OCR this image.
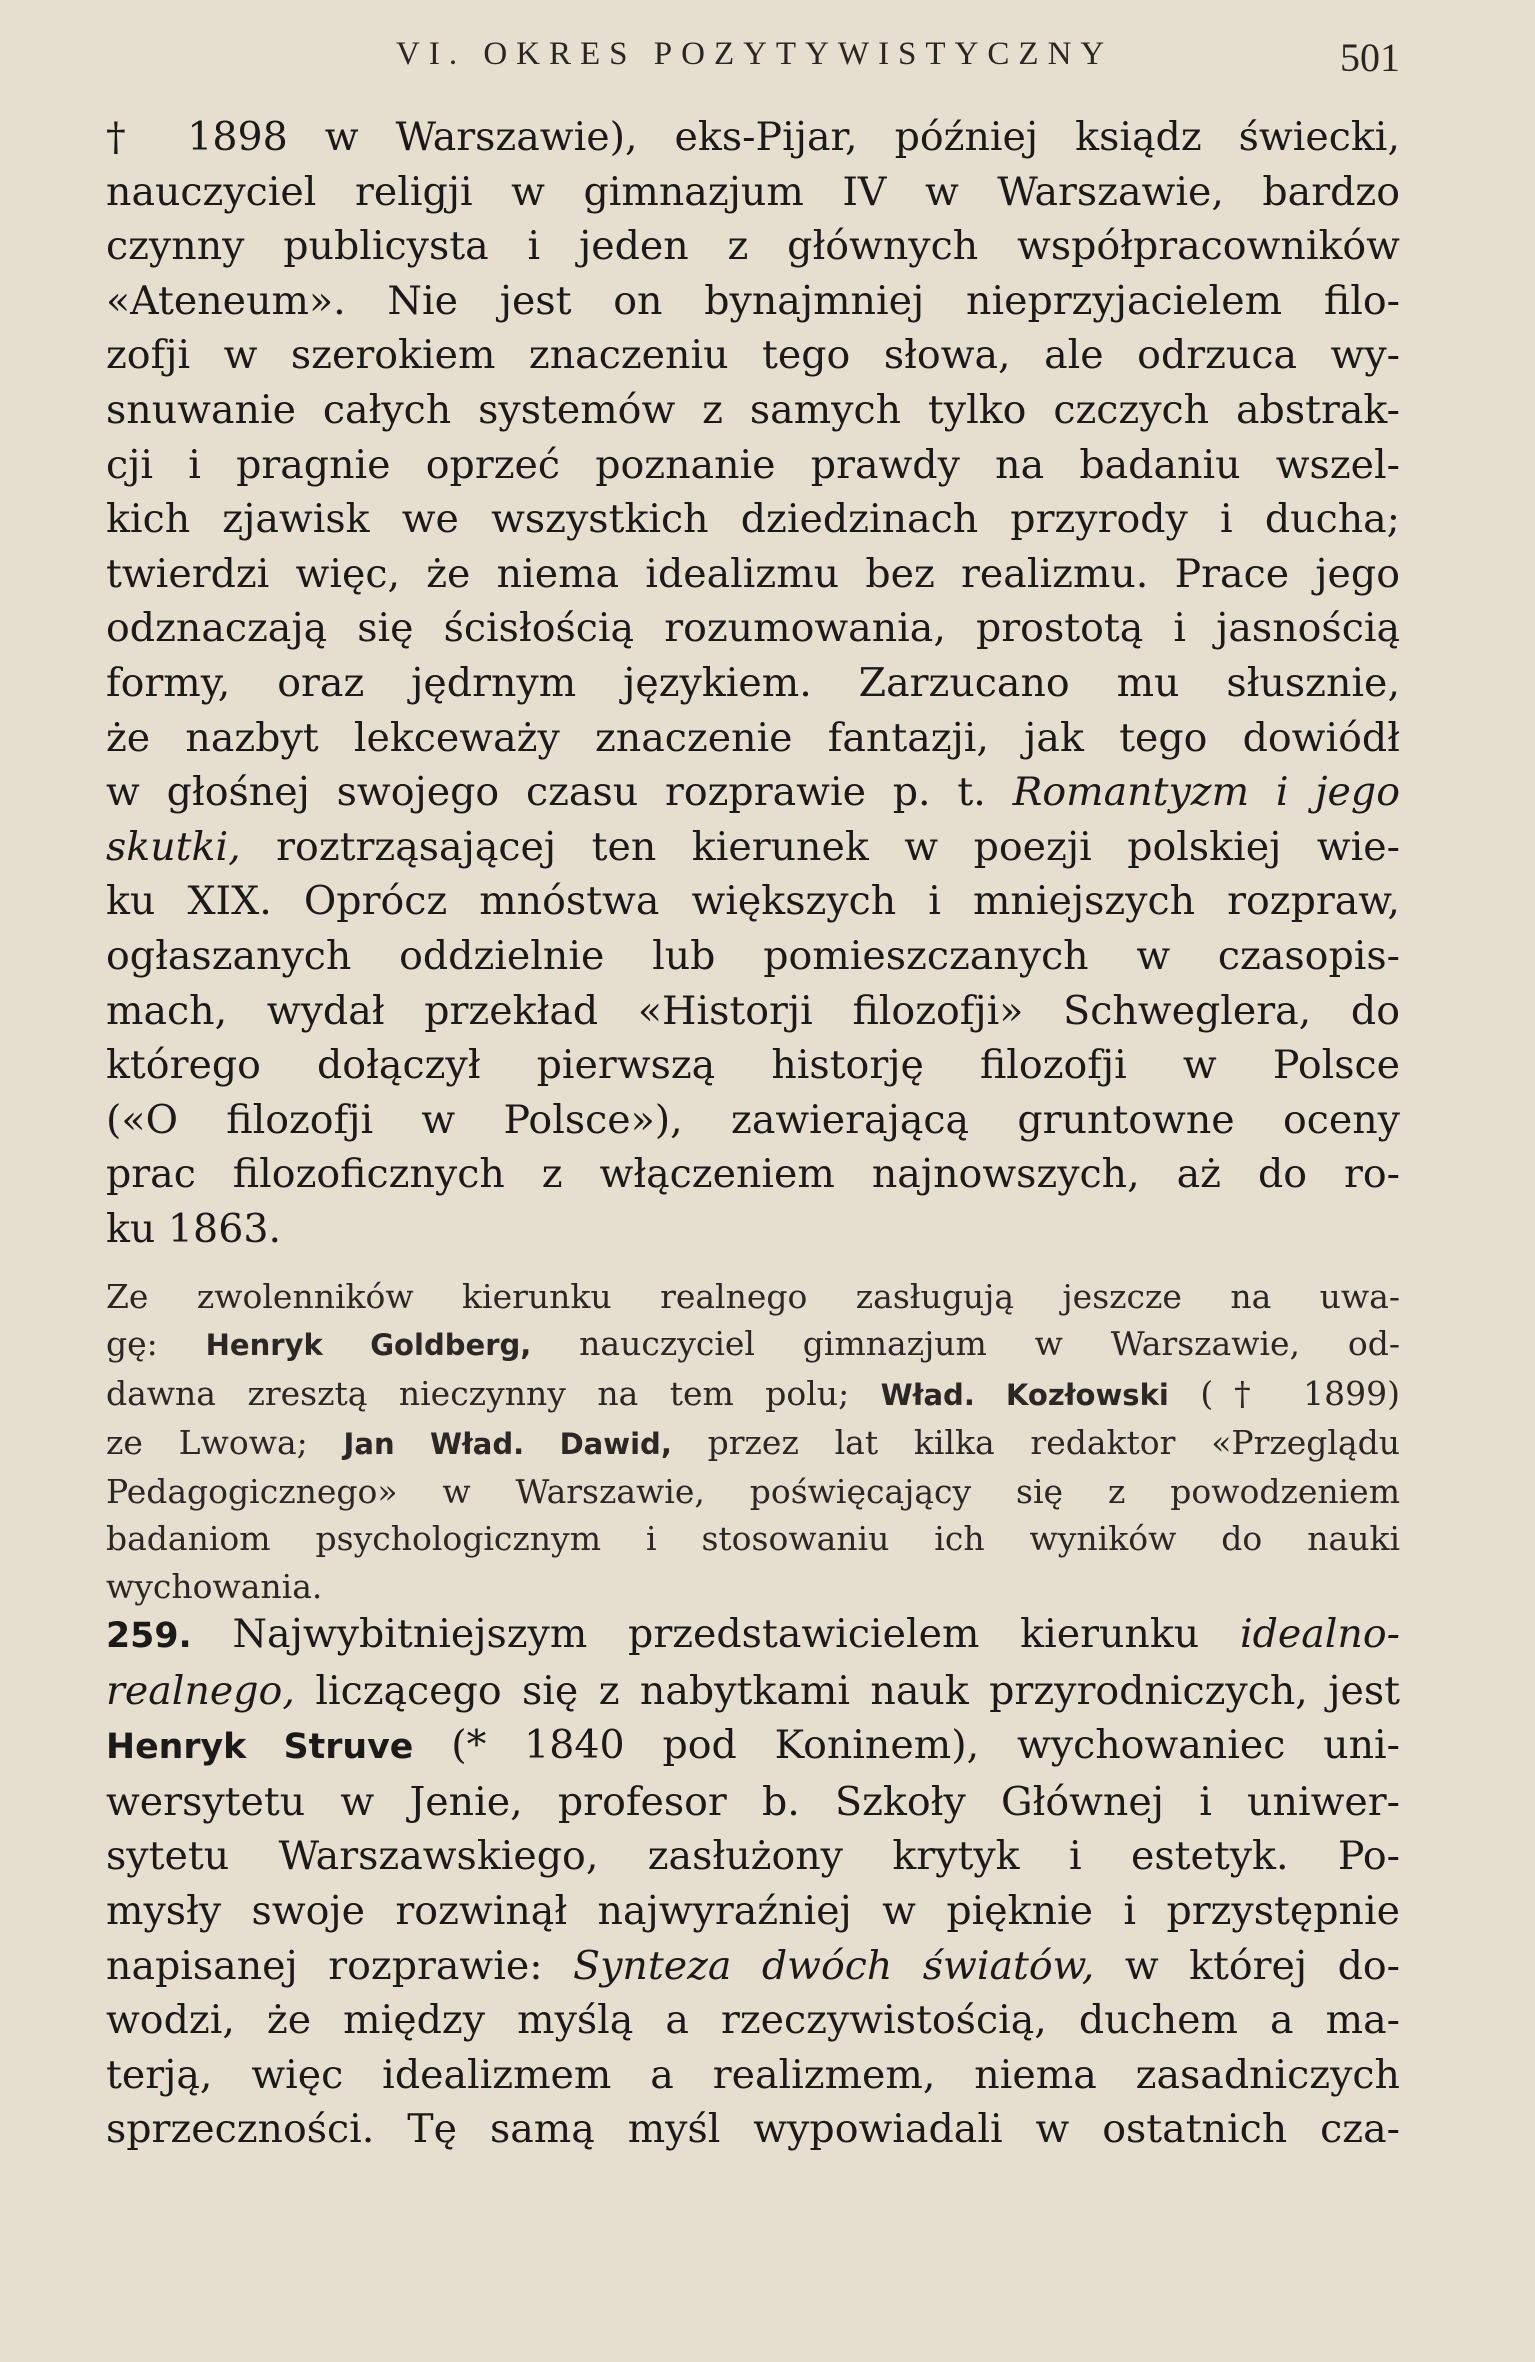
VI. OKRES POZYTYWISTYCZNY	501
† 1898 w Warszawie), eks-Pijar, później ksiądz świecki,
nauczyciel religji w gimnazjum IV w Warszawie, bardzo
czynny publicysta i jeden z głównych współpracowników
«Ateneum». Nie jest on bynajmniej nieprzyjacielem filo-
zofji w szerokiem znaczeniu tego słowa, ale odrzuca wy-
snuwanie całych systemów z samych tylko czczych abstrak-
cji i pragnie oprzeć poznanie prawdy na badaniu wszel-
kich zjawisk we wszystkich dziedzinach przyrody i ducha;
twierdzi więc, że niema idealizmu bez realizmu. Prace jego
odznaczają się ścisłością rozumowania, prostotą i jasnością
formy, oraz jędrnym językiem. Zarzucano mu słusznie,
że nazbyt lekceważy znaczenie fantazji, jak tego dowiódł
w głośnej swojego czasu rozprawie p. t. Romantyzm i jego
skutki, roztrząsającej ten kierunek w poezji polskiej wie-
ku XIX. Oprócz mnóstwa większych i mniejszych rozpraw,
ogłaszanych oddzielnie lub pomieszczanych w czasopis-
mach, wydał przekład «Historji filozofji» Schweglera, do
którego dołączył pierwszą historję filozofji w Polsce
(«O filozofji w Polsce»), zawierającą gruntowne oceny
prac filozoficznych z włączeniem najnowszych, aż do ro-
ku 1863.
Ze zwolenników kierunku realnego zasługują jeszcze na uwa-
gę: Henryk Goldberg, nauczyciel gimnazjum w Warszawie, od-
dawna zresztą nieczynny na tem polu; Wład. Kozłowski († 1899)
ze Lwowa; Jan Wład. Dawid, przez lat kilka redaktor «Przeglądu
Pedagogicznego» w Warszawie, poświęcający się z powodzeniem
badaniom psychologicznym i stosowaniu ich wyników do nauki
wychowania.
259. Najwybitniejszym przedstawicielem kierunku idealno-
realnego, liczącego się z nabytkami nauk przyrodniczych, jest
Henryk Struve (* 1840 pod Koninem), wychowaniec uni-
wersytetu w Jenie, profesor b. Szkoły Głównej i uniwer-
sytetu Warszawskiego, zasłużony krytyk i estetyk. Po-
mysły swoje rozwinął najwyraźniej w pięknie i przystępnie
napisanej rozprawie: Synteza dwóch światów, w której do-
wodzi, że między myślą a rzeczywistością, duchem a ma-
terją, więc idealizmem a realizmem, niema zasadniczych
sprzeczności. Tę samą myśl wypowiadali w ostatnich cza-
